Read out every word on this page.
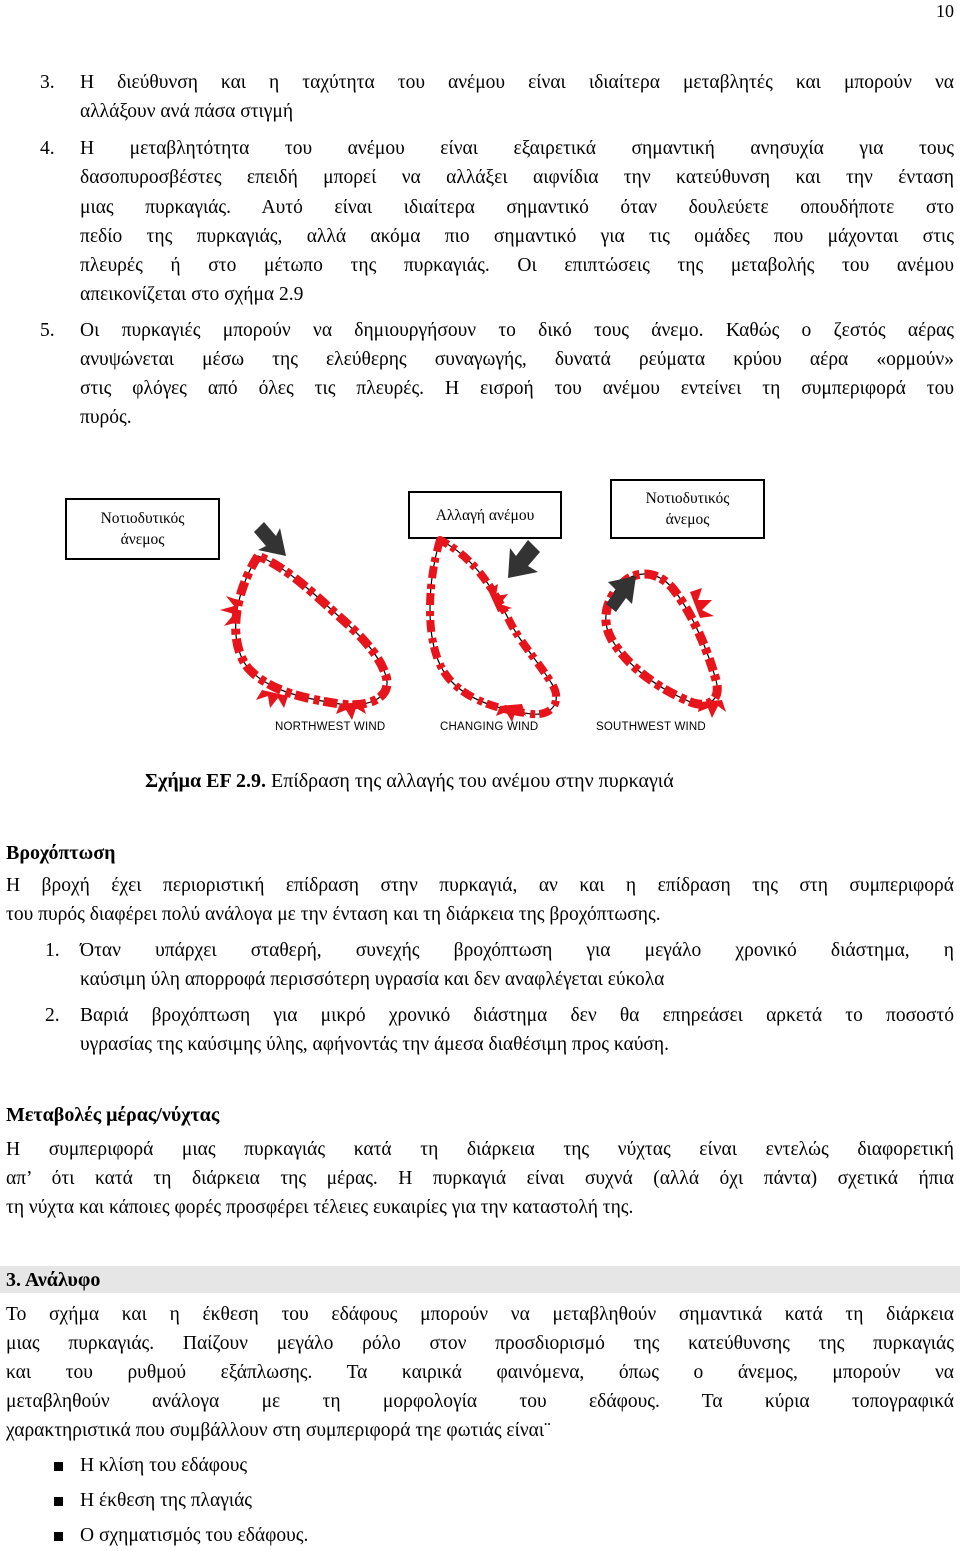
10
3. Η διεύθυνση και η ταχύτητα του ανέμου είναι ιδιαίτερα μεταβλητές και μπορούν να

αλλάξουν ανά πάσα στιγμή

4. Η μεταβλητότητα του ανέμου είναι εξαιρετικά σημαντική ανησυχία για τους

δασοπυροσβέστες επειδή μπορεί να αλλάξει αιφνίδια την κατεύθυνση και την ένταση

μιας πυρκαγιάς. Αυτό είναι ιδιαίτερα σημαντικό όταν δουλεύετε οπουδήποτε στο

πεδίο της πυρκαγιάς, αλλά ακόμα πιο σημαντικό για τις ομάδες που μάχονται στις

πλευρές ή στο μέτωπο της πυρκαγιάς. Οι επιπτώσεις της μεταβολής του ανέμου

απεικονίζεται στο σχήμα 2.9

5. Οι πυρκαγιές μπορούν να δημιουργήσουν το δικό τους άνεμο. Καθώς ο ζεστός αέρας

ανυψώνεται μέσω της ελεύθερης συναγωγής, δυνατά ρεύματα κρύου αέρα «ορμούν»

στις φλόγες από όλες τις πλευρές. Η εισροή του ανέμου εντείνει τη συμπεριφορά του

πυρός.

Νοτιοδυτικός
άνεμος
Αλλαγή ανέμου
Νοτιοδυτικός
άνεμος
NORTHWEST WIND	CHANGING WIND	SOUTHWEST WIND
Σχήμα EF 2.9. Επίδραση της αλλαγής του ανέμου στην πυρκαγιά
Βροχόπτωση

Η βροχή έχει περιοριστική επίδραση στην πυρκαγιά, αν και η επίδραση της στη συμπεριφορά

του πυρός διαφέρει πολύ ανάλογα με την ένταση και τη διάρκεια της βροχόπτωσης.

1. Όταν υπάρχει σταθερή, συνεχής βροχόπτωση για μεγάλο χρονικό διάστημα, η

καύσιμη ύλη απορροφά περισσότερη υγρασία και δεν αναφλέγεται εύκολα

2. Βαριά βροχόπτωση για μικρό χρονικό διάστημα δεν θα επηρεάσει αρκετά το ποσοστό

υγρασίας της καύσιμης ύλης, αφήνοντάς την άμεσα διαθέσιμη προς καύση.

Μεταβολές μέρας/νύχτας

Η συμπεριφορά μιας πυρκαγιάς κατά τη διάρκεια της νύχτας είναι εντελώς διαφορετική

απ’ ότι κατά τη διάρκεια της μέρας. Η πυρκαγιά είναι συχνά (αλλά όχι πάντα) σχετικά ήπια

τη νύχτα και κάποιες φορές προσφέρει τέλειες ευκαιρίες για την καταστολή της.

3. Ανάλυφο

Το σχήμα και η έκθεση του εδάφους μπορούν να μεταβληθούν σημαντικά κατά τη διάρκεια

μιας πυρκαγιάς. Παίζουν μεγάλο ρόλο στον προσδιορισμό της κατεύθυνσης της πυρκαγιάς

και του ρυθμού εξάπλωσης. Τα καιρικά φαινόμενα, όπως ο άνεμος, μπορούν να

μεταβληθούν ανάλογα με τη μορφολογία του εδάφους. Τα κύρια τοπογραφικά

χαρακτηριστικά που συμβάλλουν στη συμπεριφορά τηε φωτιάς είναι¨

Η κλίση του εδάφους
Η έκθεση της πλαγιάς
Ο σχηματισμός του εδάφους.
